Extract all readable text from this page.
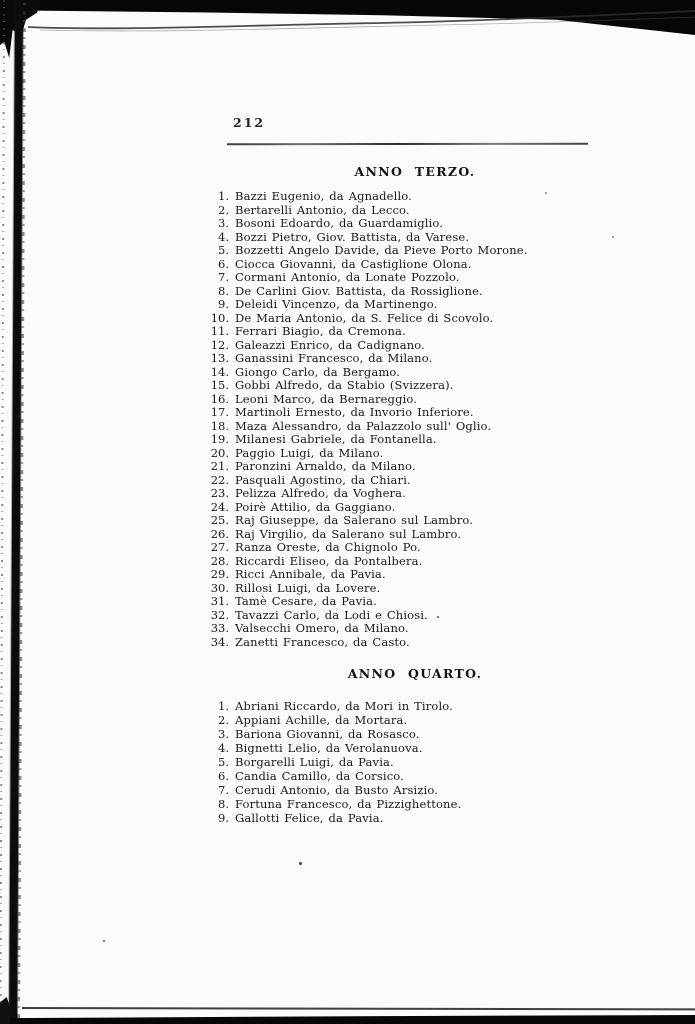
212
ANNO TERZO.
1. Bazzi Eugenio, da Agnadello.
2. Bertarelli Antonio, da Lecco.
3. Bosoni Edoardo, da Guardamiglio.
4. Bozzi Pietro, Giov. Battista, da Varese.
5. Bozzetti Angelo Davide, da Pieve Porto Morone.
6. Ciocca Giovanni, da Castiglione Olona.
7. Cormani Antonio, da Lonate Pozzolo.
8. De Carlini Giov. Battista, da Rossiglione.
9. Deleidi Vincenzo, da Martinengo.
10. De Maria Antonio, da S. Felice di Scovolo.
11. Ferrari Biagio, da Cremona.
12. Galeazzi Enrico, da Cadignano.
13. Ganassini Francesco, da Milano.
14. Giongo Carlo, da Bergamo.
15. Gobbi Alfredo, da Stabio (Svizzera).
16. Leoni Marco, da Bernareggio.
17. Martinoli Ernesto, da Invorio Inferiore.
18. Maza Alessandro, da Palazzolo sull' Oglio.
19. Milanesi Gabriele, da Fontanella.
20. Paggio Luigi, da Milano.
21. Paronzini Arnaldo, da Milano.
22. Pasquali Agostino, da Chiari.
23. Pelizza Alfredo, da Voghera.
24. Poirè Attilio, da Gaggiano.
25. Raj Giuseppe, da Salerano sul Lambro.
26. Raj Virgilio, da Salerano sul Lambro.
27. Ranza Oreste, da Chignolo Po.
28. Riccardi Eliseo, da Pontalbera.
29. Ricci Annibale, da Pavia.
30. Rillosi Luigi, da Lovere.
31. Tamè Cesare, da Pavia.
32. Tavazzi Carlo, da Lodi e Chiosi.
33. Valsecchi Omero, da Milano.
34. Zanetti Francesco, da Casto.
ANNO QUARTO.
1. Abriani Riccardo, da Mori in Tirolo.
2. Appiani Achille, da Mortara.
3. Bariona Giovanni, da Rosasco.
4. Bignetti Lelio, da Verolanuova.
5. Borgarelli Luigi, da Pavia.
6. Candia Camillo, da Corsico.
7. Cerudi Antonio, da Busto Arsizio.
8. Fortuna Francesco, da Pizzighettone.
9. Gallotti Felice, da Pavia.
